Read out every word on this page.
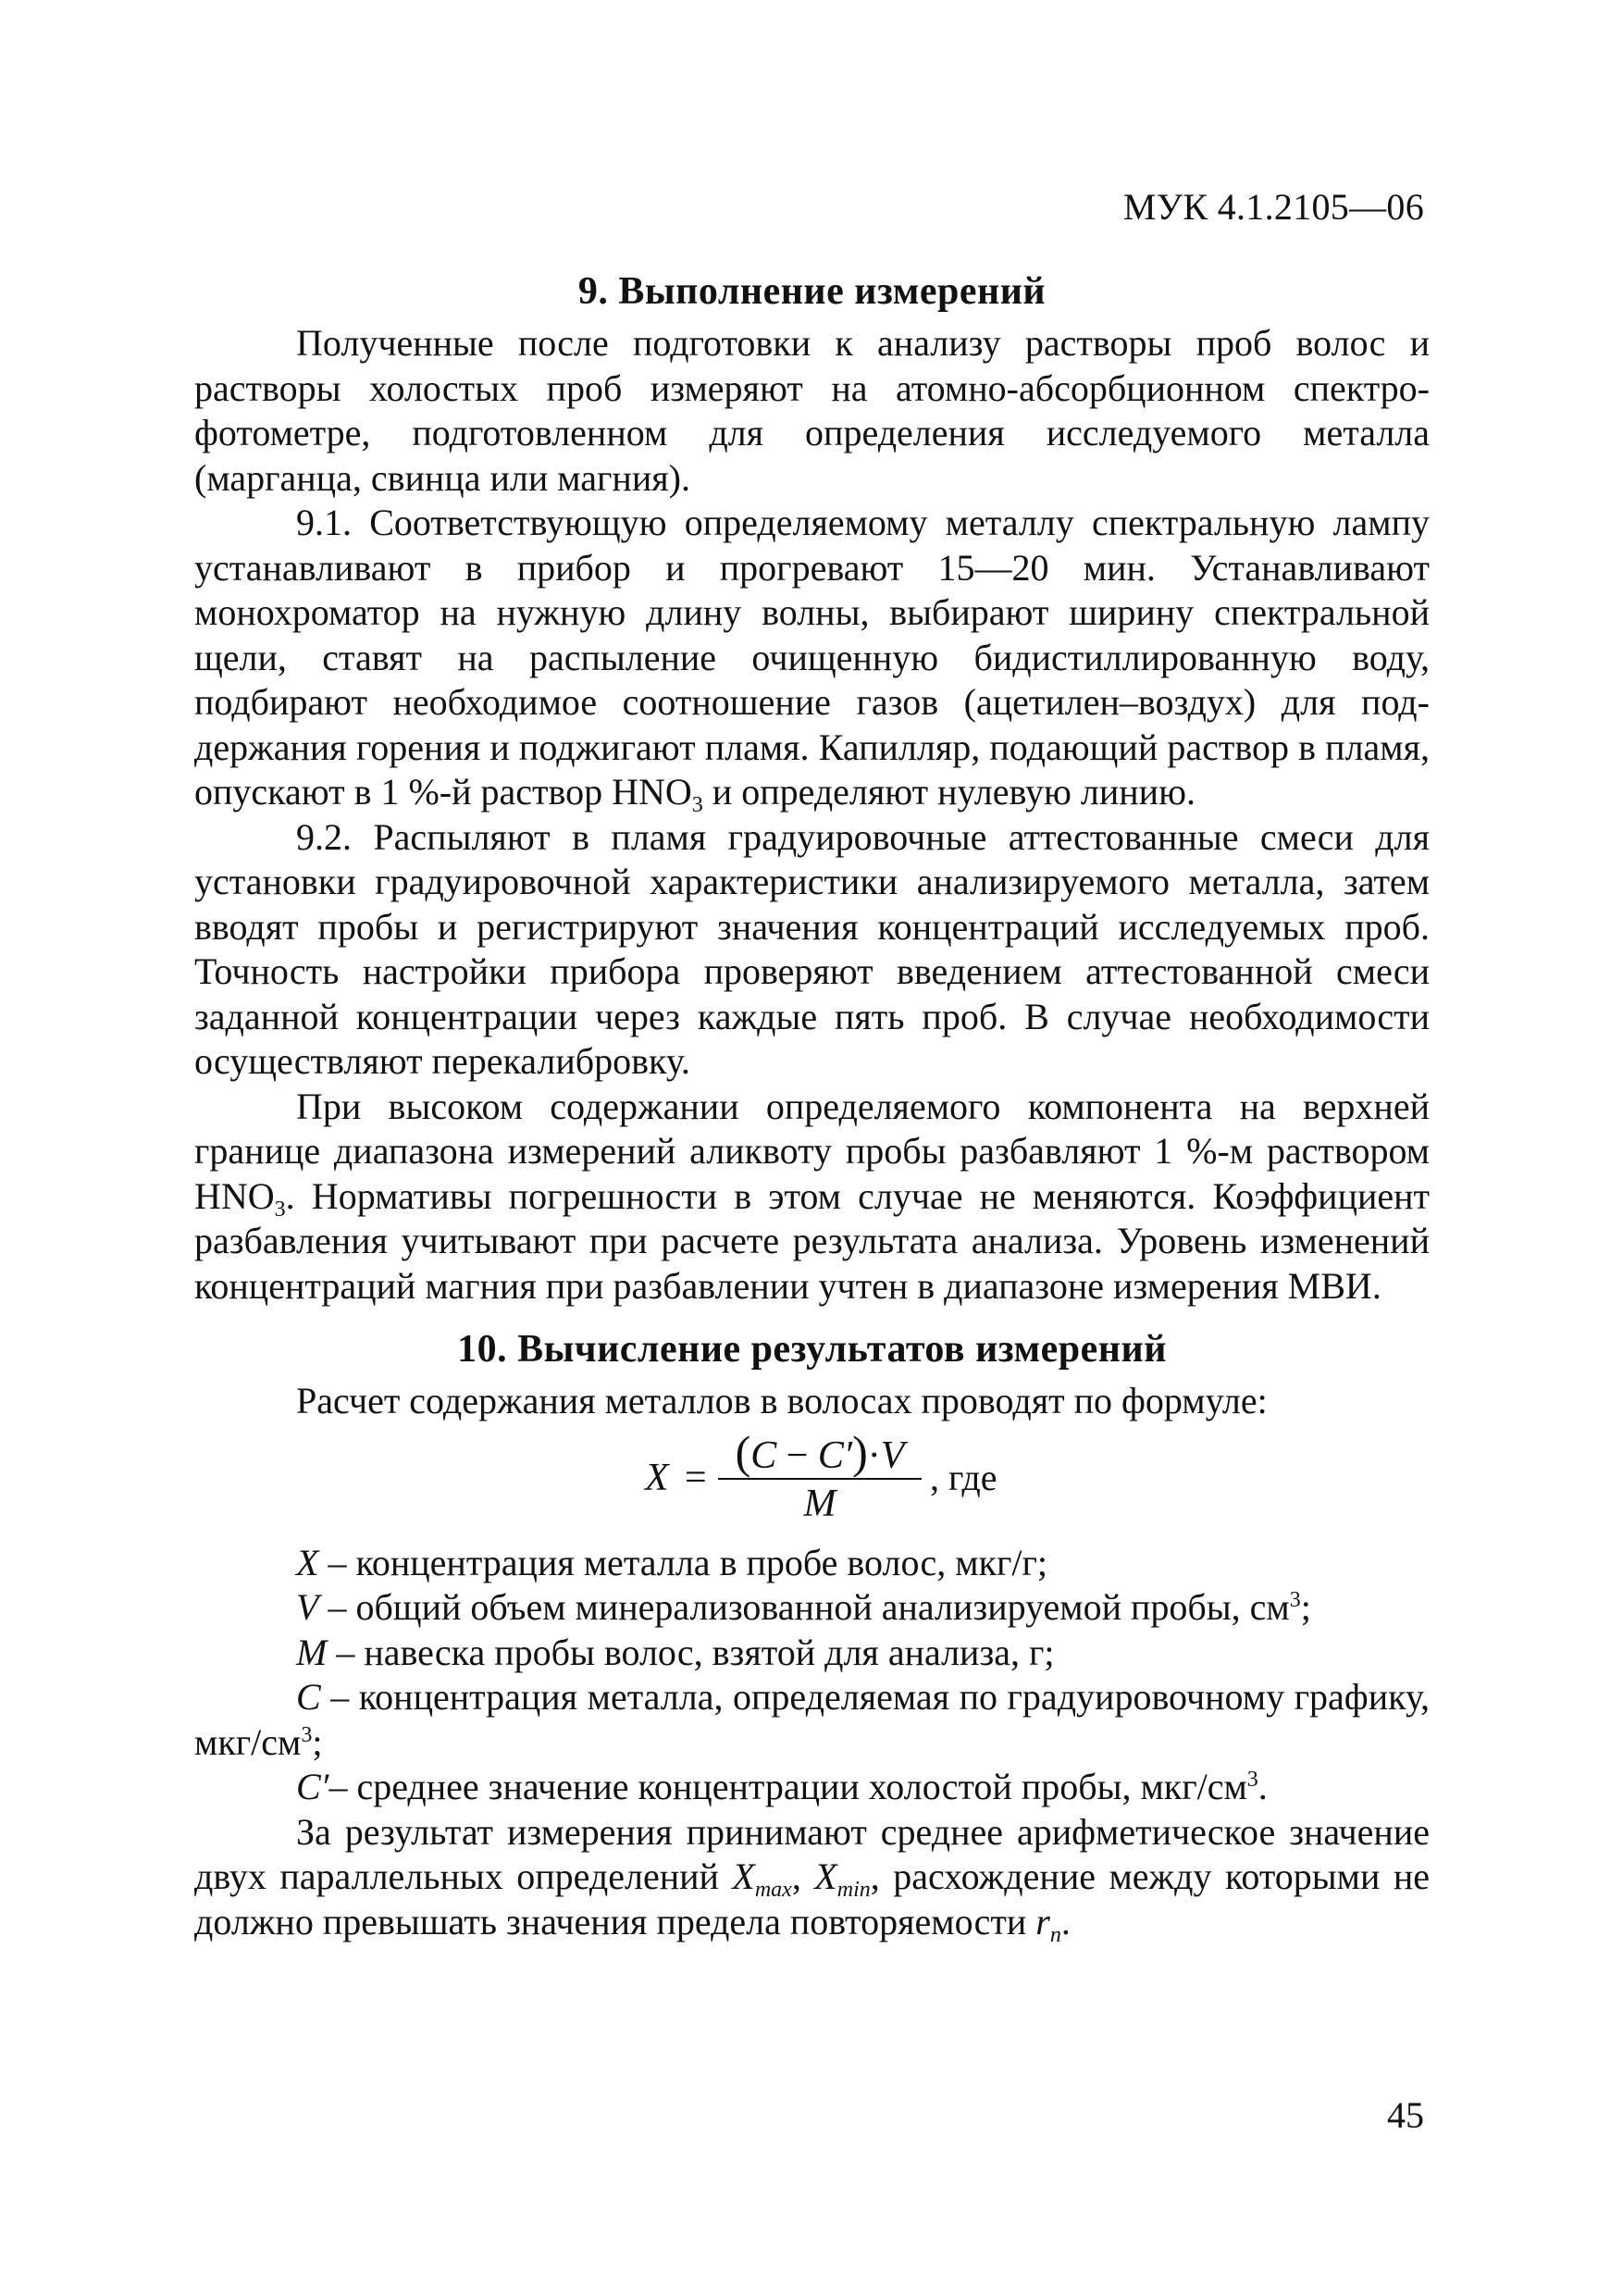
МУК 4.1.2105—06
9. Выполнение измерений

Полученные после подготовки к анализу растворы проб волос и растворы холостых проб измеряют на атомно-абсорбционном спектрофотометре, подготовленном для определения исследуемого металла (марганца, свинца или магния).

9.1. Соответствующую определяемому металлу спектральную лампу устанавливают в прибор и прогревают 15—20 мин. Устанавливают монохроматор на нужную длину волны, выбирают ширину спектральной щели, ставят на распыление очищенную бидистиллированную воду, подбирают необходимое соотношение газов (ацетилен–воздух) для поддержания горения и поджигают пламя. Капилляр, подающий раствор в пламя, опускают в 1 %-й раствор $HNO_3$ и определяют нулевую линию.

9.2. Распыляют в пламя градуировочные аттестованные смеси для установки градуировочной характеристики анализируемого металла, затем вводят пробы и регистрируют значения концентраций исследуемых проб. Точность настройки прибора проверяют введением аттестованной смеси заданной концентрации через каждые пять проб. В случае необходимости осуществляют перекалибровку.

При высоком содержании определяемого компонента на верхней границе диапазона измерений аликвоту пробы разбавляют 1 %-м раствором $HNO_3$. Нормативы погрешности в этом случае не меняются. Коэффициент разбавления учитывают при расчете результата анализа. Уровень изменений концентраций магния при разбавлении учтен в диапазоне измерения МВИ.

10. Вычисление результатов измерений

Расчет содержания металлов в волосах проводят по формуле:

X = (C − C′)·V
M
, где

X – концентрация металла в пробе волос, мкг/г;

V – общий объем минерализованной анализируемой пробы, $см^3$;

M – навеска пробы волос, взятой для анализа, г;

C – концентрация металла, определяемая по градуировочному графику, мкг/$см^3$;

C′– среднее значение концентрации холостой пробы, мкг/$см^3$.

За результат измерения принимают среднее арифметическое значение двух параллельных определений $X_{max}$, $X_{min}$, расхождение между которыми не должно превышать значения предела повторяемости $r_n$.

45
